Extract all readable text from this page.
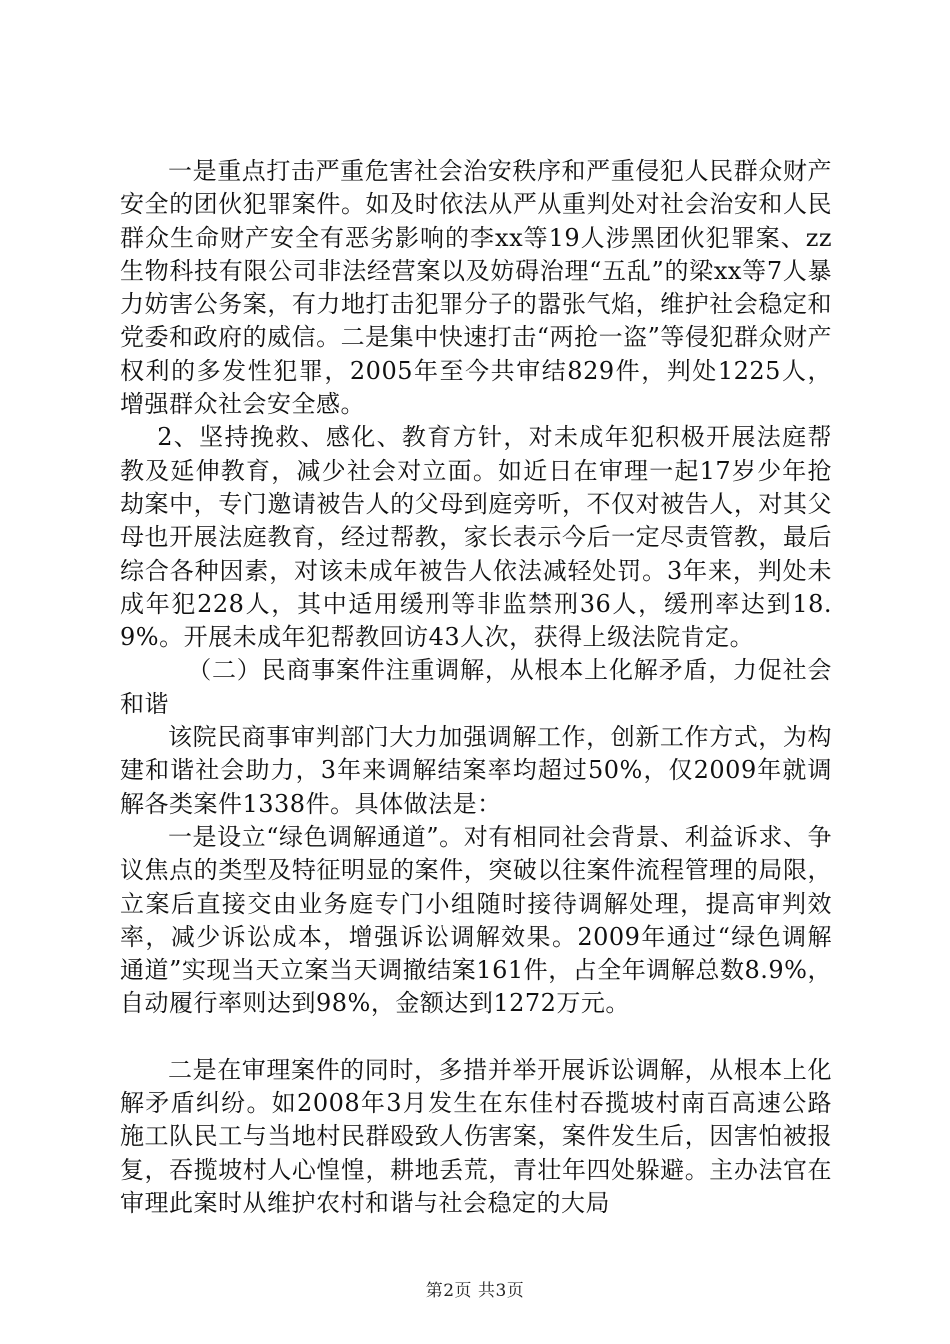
一是重点打击严重危害社会治安秩序和严重侵犯人民群众财产安全的团伙犯罪案件。如及时依法从严从重判处对社会治安和人民群众生命财产安全有恶劣影响的李xx等19人涉黑团伙犯罪案、zz生物科技有限公司非法经营案以及妨碍治理“五乱”的梁xx等7人暴力妨害公务案，有力地打击犯罪分子的嚣张气焰，维护社会稳定和党委和政府的威信。二是集中快速打击“两抢一盗”等侵犯群众财产权利的多发性犯罪，2005年至今共审结829件，判处1225人，增强群众社会安全感。

2、坚持挽救、感化、教育方针，对未成年犯积极开展法庭帮教及延伸教育，减少社会对立面。如近日在审理一起17岁少年抢劫案中，专门邀请被告人的父母到庭旁听，不仅对被告人，对其父母也开展法庭教育，经过帮教，家长表示今后一定尽责管教，最后综合各种因素，对该未成年被告人依法减轻处罚。3年来，判处未成年犯228人，其中适用缓刑等非监禁刑36人，缓刑率达到18.9%。开展未成年犯帮教回访43人次，获得上级法院肯定。

（二）民商事案件注重调解，从根本上化解矛盾，力促社会和谐

该院民商事审判部门大力加强调解工作，创新工作方式，为构建和谐社会助力，3年来调解结案率均超过50%，仅2009年就调解各类案件1338件。具体做法是：

一是设立“绿色调解通道”。对有相同社会背景、利益诉求、争议焦点的类型及特征明显的案件，突破以往案件流程管理的局限，立案后直接交由业务庭专门小组随时接待调解处理，提高审判效率，减少诉讼成本，增强诉讼调解效果。2009年通过“绿色调解通道”实现当天立案当天调撤结案161件，占全年调解总数8.9%，自动履行率则达到98%，金额达到1272万元。

二是在审理案件的同时，多措并举开展诉讼调解，从根本上化解矛盾纠纷。如2008年3月发生在东佳村吞揽坡村南百高速公路施工队民工与当地村民群殴致人伤害案，案件发生后，因害怕被报复，吞揽坡村人心惶惶，耕地丢荒，青壮年四处躲避。主办法官在审理此案时从维护农村和谐与社会稳定的大局

第2页 共3页
